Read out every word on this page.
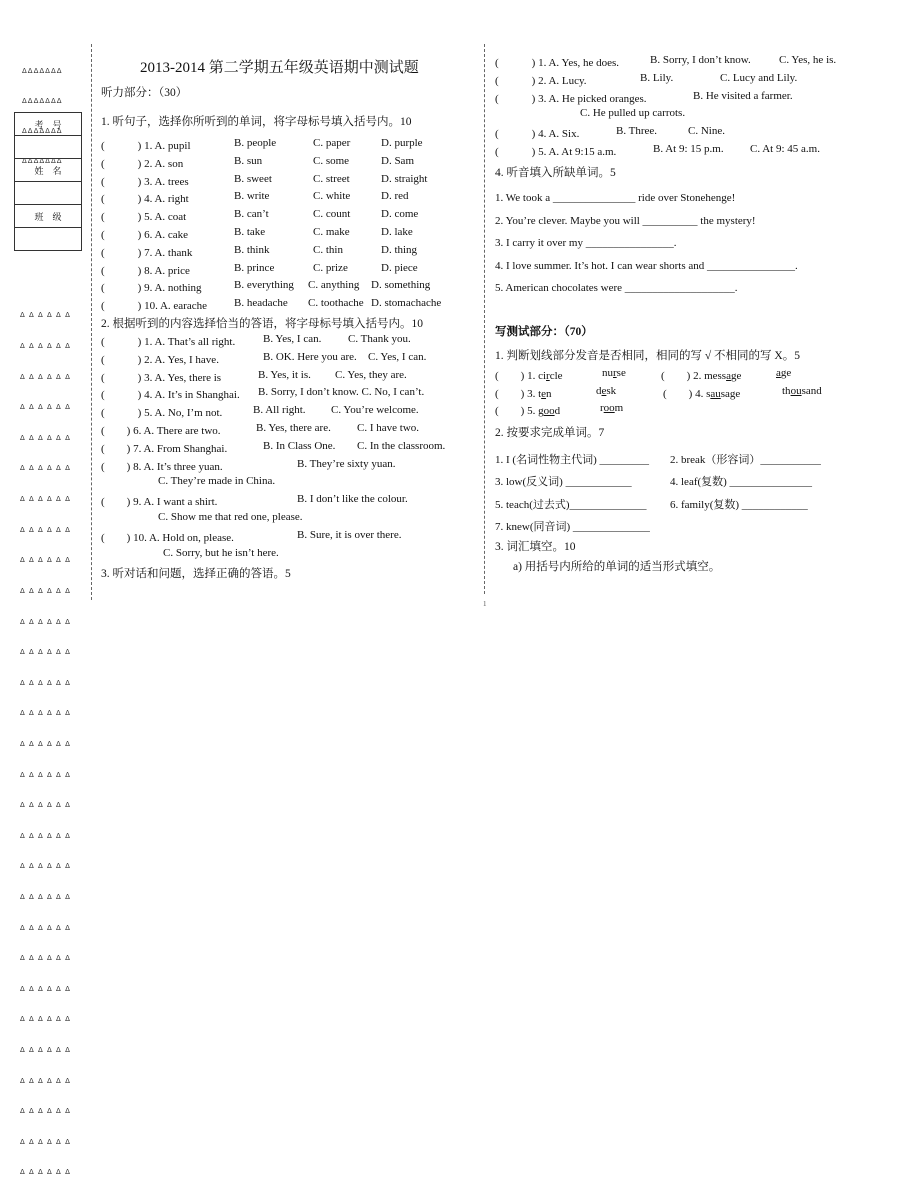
ΔΔΔΔΔΔΔ

ΔΔΔΔΔΔΔ

ΔΔΔΔΔΔΔ

ΔΔΔΔΔΔΔ

考　号

姓　名

班　级

Δ Δ Δ Δ Δ Δ

Δ Δ Δ Δ Δ Δ

Δ Δ Δ Δ Δ Δ

Δ Δ Δ Δ Δ Δ

Δ Δ Δ Δ Δ Δ

Δ Δ Δ Δ Δ Δ

Δ Δ Δ Δ Δ Δ

Δ Δ Δ Δ Δ Δ

Δ Δ Δ Δ Δ Δ

Δ Δ Δ Δ Δ Δ

Δ Δ Δ Δ Δ Δ

Δ Δ Δ Δ Δ Δ

Δ Δ Δ Δ Δ Δ

Δ Δ Δ Δ Δ Δ

Δ Δ Δ Δ Δ Δ

Δ Δ Δ Δ Δ Δ

Δ Δ Δ Δ Δ Δ

Δ Δ Δ Δ Δ Δ

Δ Δ Δ Δ Δ Δ

Δ Δ Δ Δ Δ Δ

Δ Δ Δ Δ Δ Δ

Δ Δ Δ Δ Δ Δ

Δ Δ Δ Δ Δ Δ

Δ Δ Δ Δ Δ Δ

Δ Δ Δ Δ Δ Δ

Δ Δ Δ Δ Δ Δ

Δ Δ Δ Δ Δ Δ

Δ Δ Δ Δ Δ Δ

Δ Δ Δ Δ Δ Δ

2013-2014 第二学期五年级英语期中测试题
听力部分：（30）
1. 听句子，选择你所听到的单词，将字母标号填入括号内。10
(　　　) 1. A. pupil	B. people	C. paper	D. purple
(　　　) 2. A. son	B. sun	C. some	D. Sam
(　　　) 3. A. trees	B. sweet	C. street	D. straight
(　　　) 4. A. right	B. write	C. white	D. red
(　　　) 5. A. coat	B. can’t	C. count	D. come
(　　　) 6. A. cake	B. take	C. make	D. lake
(　　　) 7. A. thank	B. think	C. thin	D. thing
(　　　) 8. A. price	B. prince	C. prize	D. piece
(　　　) 9. A. nothing	B. everything C. anything D. something
(　　　) 10. A. earache B. headache C. toothache D. stomachache
2. 根据听到的内容选择恰当的答语，将字母标号填入括号内。10
(　　　) 1. A. That’s all right.	B. Yes, I can. C. Thank you.
(　　　) 2. A. Yes, I have.	B. OK. Here you are. C. Yes, I can.
(　　　) 3. A. Yes, there is	B. Yes, it is. C. Yes, they are.
(　　　) 4. A. It’s in Shanghai. B. Sorry, I don’t know. C. No, I can’t.
(　　　) 5. A. No, I’m not.	B. All right. C. You’re welcome.
(　　) 6. A. There are two.	B. Yes, there are. C. I have two.
(　　) 7. A. From Shanghai.	B. In Class One. C. In the classroom.
(　　) 8. A. It’s three yuan.	B. They’re sixty yuan.
C. They’re made in China.
(　　) 9. A. I want a shirt.	B. I don’t like the colour.
C. Show me that red one, please.
(　　) 10. A. Hold on, please.	B. Sure, it is over there.
C. Sorry, but he isn’t here.
3. 听对话和问题，选择正确的答语。5
(　　　) 1. A. Yes, he does.	B. Sorry, I don’t know.	C. Yes, he is.
(　　　) 2. A. Lucy.	B. Lily.	C. Lucy and Lily.
(　　　) 3. A. He picked oranges.	B. He visited a farmer.
C. He pulled up carrots.
(　　　) 4. A. Six.	B. Three.	C. Nine.
(　　　) 5. A. At 9:15 a.m.	B. At 9: 15 p.m. C. At 9: 45 a.m.
4. 听音填入所缺单词。5
1. We took a _______________ ride over Stonehenge!
2. You’re clever. Maybe you will __________ the mystery!
3. I carry it over my ________________.
4. I love summer. It’s hot. I can wear shorts and ________________.
5. American chocolates were ____________________.
写测试部分：（70）
1. 判断划线部分发音是否相同，相同的写 √ 不相同的写 X。5
(　　) 1. circle	nurse	(　　) 2. message	age
(　　) 3. ten	desk	(　　) 4. sausage	thousand
(　　) 5. good	room
2. 按要求完成单词。7
1. I (名词性物主代词) _________ 2. break（形容词）___________
3. low(反义词) ____________	4. leaf(复数) _______________
5. teach(过去式)______________ 6. family(复数) ____________
7. knew(同音词) ______________
3. 词汇填空。10
a) 用括号内所给的单词的适当形式填空。
1
